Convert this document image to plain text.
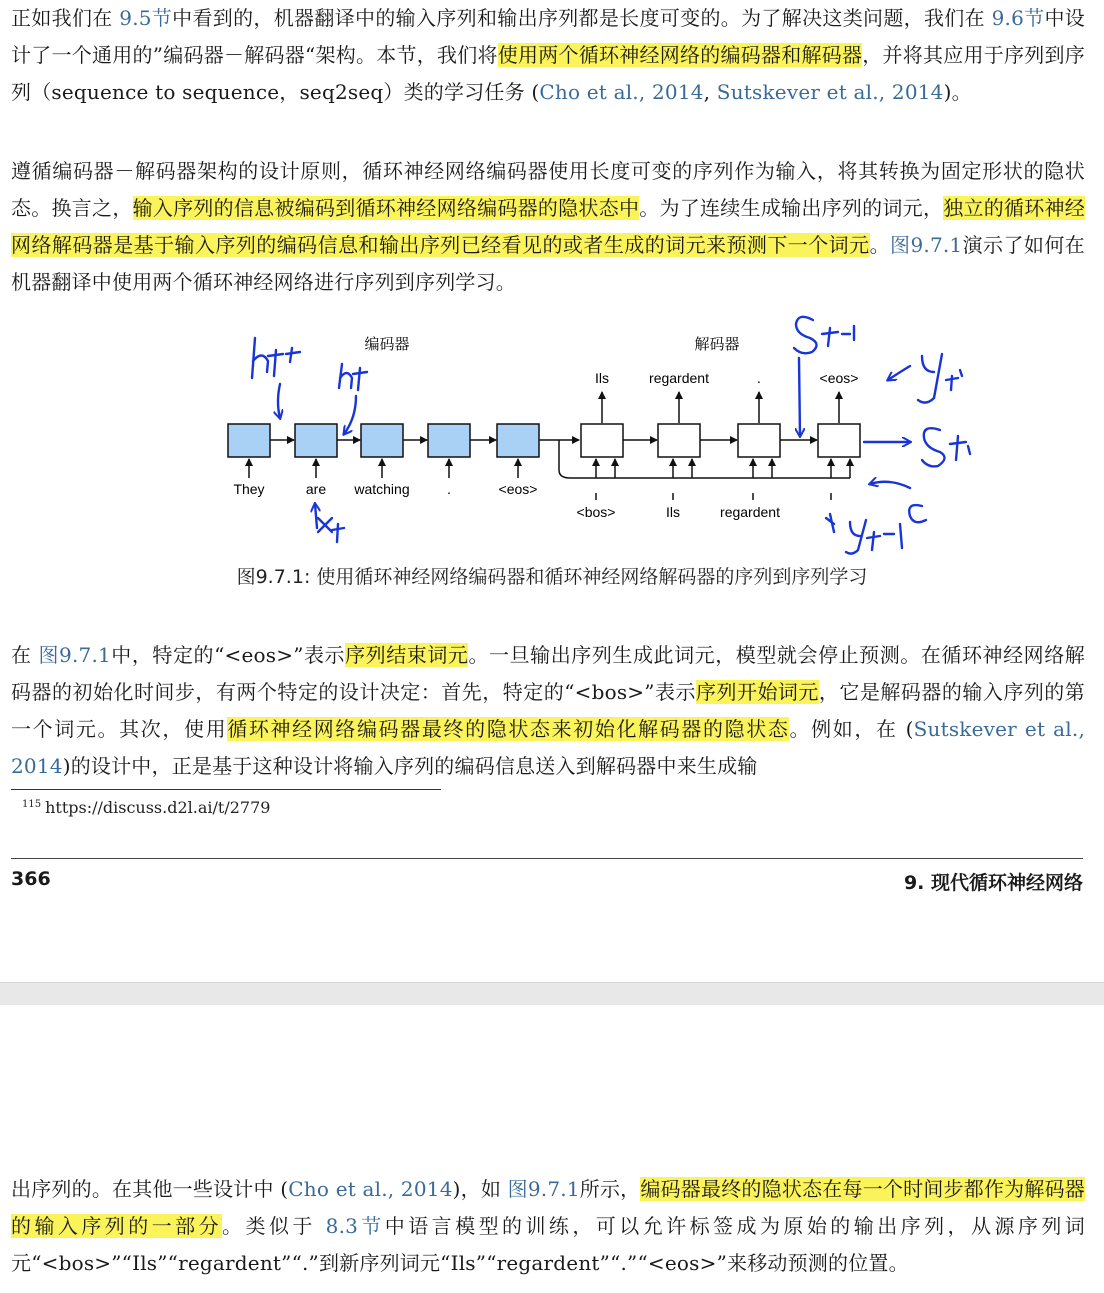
正如我们在 9.5节中看到的，机器翻译中的输入序列和输出序列都是长度可变的。为了解决这类问题，我们在 9.6节中设计了一个通用的”编码器－解码器“架构。本节，我们将使用两个循环神经网络的编码器和解码器，并将其应用于序列到序列（sequence to sequence，seq2seq）类的学习任务 (Cho et al., 2014, Sutskever et al., 2014)。

遵循编码器－解码器架构的设计原则，循环神经网络编码器使用长度可变的序列作为输入，将其转换为固定形状的隐状态。换言之，输入序列的信息被编码到循环神经网络编码器的隐状态中。为了连续生成输出序列的词元，独立的循环神经网络解码器是基于输入序列的编码信息和输出序列已经看见的或者生成的词元来预测下一个词元。图9.7.1演示了如何在机器翻译中使用两个循环神经网络进行序列到序列学习。

编码器	解码器
They	are watching	.	<eos>
<bos>	Ils	regardent	.
Ils	regardent	.	<eos>
ht-1htxtSt'-1yt'St'Cyt'-1
图9.7.1: 使用循环神经网络编码器和循环神经网络解码器的序列到序列学习

在 图9.7.1中，特定的“<eos>”表示序列结束词元。一旦输出序列生成此词元，模型就会停止预测。在循环神经网络解码器的初始化时间步，有两个特定的设计决定：首先，特定的“<bos>”表示序列开始词元，它是解码器的输入序列的第一个词元。其次，使用循环神经网络编码器最终的隐状态来初始化解码器的隐状态。例如，在 (Sutskever et al., 2014)的设计中，正是基于这种设计将输入序列的编码信息送入到解码器中来生成输

$^{115}$ https://discuss.d2l.ai/t/2779
366	9. 现代循环神经网络

出序列的。在其他一些设计中 (Cho et al., 2014)，如 图9.7.1所示，编码器最终的隐状态在每一个时间步都作为解码器的输入序列的一部分。类似于 8.3节中语言模型的训练，可以允许标签成为原始的输出序列，从源序列词元“<bos>”“Ils”“regardent”“.”到新序列词元“Ils”“regardent”“.”“<eos>”来移动预测的位置。
